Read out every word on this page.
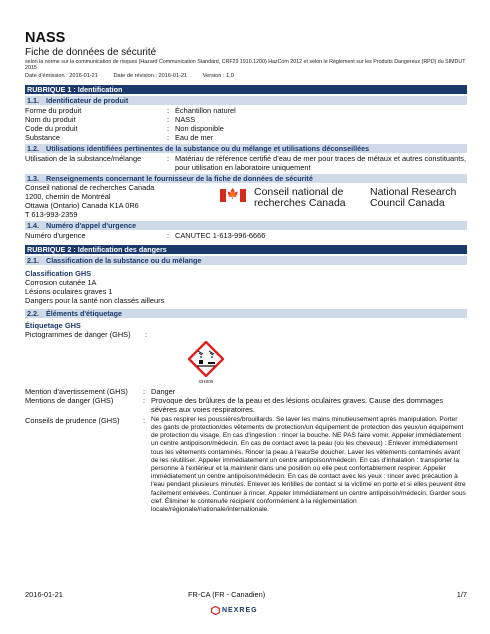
NASS
Fiche de données de sécurité
selon la norme sur la communication de risques (Hazard Communication Standard, CRF29 1910.1200) HazCom 2012 et selon le Règlement sur les Produits Dangereux (RPD) du SIMDUT 2015
Date d'émission : 2016-01-21	Date de révision : 2016-01-21	Version : 1,0
RUBRIQUE 1 : Identification
1.1. Identificateur de produit
Forme du produit	: Échantillon naturel
Nom du produit	: NASS
Code du produit	: Non disponible
Substance	: Eau de mer
1.2. Utilisations identifiées pertinentes de la substance ou du mélange et utilisations déconseillées
Utilisation de la substance/mélange	: Matériau de référence certifié d'eau de mer pour traces de métaux et autres constituants, pour utilisation en laboratoire uniquement
1.3. Renseignements concernant le fournisseur de la fiche de données de sécurité
Conseil national de recherches Canada
1200, chemin de Montréal
Ottawa (Ontario) Canada K1A 0R6
T 613-993-2359
🍁 Conseil national de
recherches Canada
National Research
Council Canada
1.4. Numéro d'appel d'urgence
Numéro d'urgence	: CANUTEC 1-613-996-6666
RUBRIQUE 2 : Identification des dangers
2.1. Classification de la substance ou du mélange
Classification GHS
Corrosion cutanée 1A
Lésions oculaires graves 1
Dangers pour la santé non classés ailleurs
2.2. Éléments d'étiquetage
Étiquetage GHS
Pictogrammes de danger (GHS)	:
GHS05
Mention d'avertissement (GHS)	: Danger
Mentions de danger (GHS)	: Provoque des brûlures de la peau et des lésions oculaires graves. Cause des dommages sévères aux voies respiratoires.
Conseils de prudence (GHS)	: Ne pas respirer les poussières/brouillards. Se laver les mains minutieusement après manipulation. Porter des gants de protection/des vêtements de protection/un équipement de protection des yeux/un équipement de protection du visage. En cas d'ingestion : rincer la bouche. NE PAS faire vomir. Appeler immédiatement un centre antipoison/médecin. En cas de contact avec la peau (ou les cheveux) : Enlever immédiatement tous les vêtements contaminés. Rincer la peau à l'eau/Se doucher. Laver les vêtements contaminés avant de les réutiliser. Appeler immédiatement un centre antipoison/médecin. En cas d'inhalation : transporter la personne à l'extérieur et la maintenir dans une position où elle peut confortablement respirer. Appeler immédiatement un centre antipoison/médecin. En cas de contact avec les yeux : rincer avec précaution à l'eau pendant plusieurs minutes. Enlever les lentilles de contact si la victime en porte et si elles peuvent être facilement enlevées. Continuer à rincer. Appeler immédiatement un centre antipoison/médecin. Garder sous clef. Éliminer le contenu/le récipient conformément à la réglementation locale/régionale/nationale/internationale.
2016-01-21	FR-CA (FR - Canadien)	1/7
NEXREG
